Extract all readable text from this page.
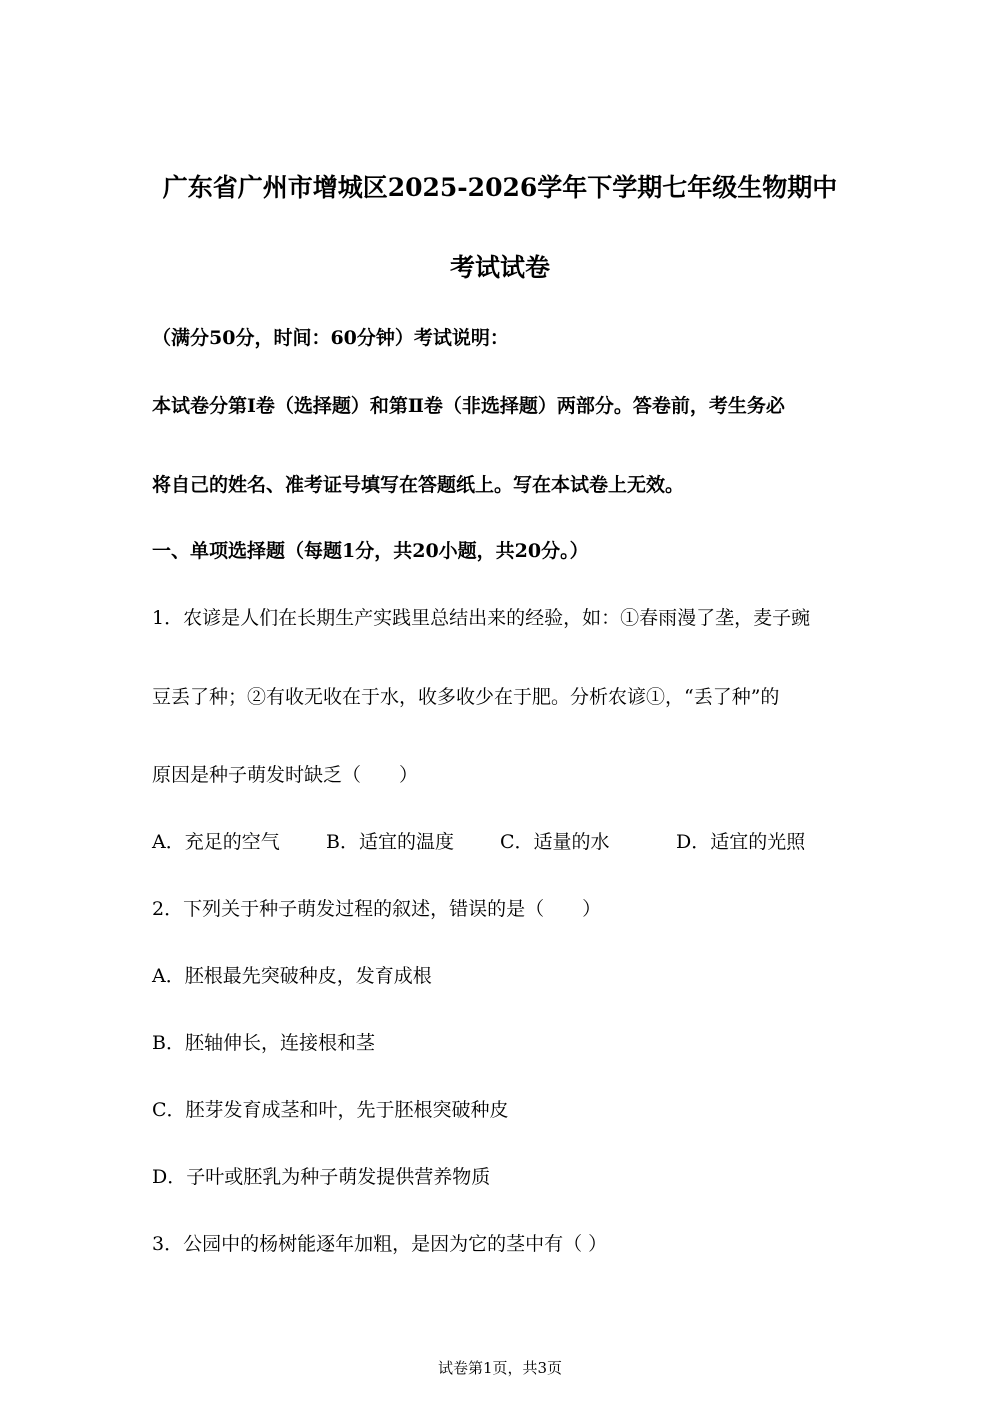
广东省广州市增城区2025-2026学年下学期七年级生物期中
考试试卷
（满分50分，时间：60分钟）考试说明：
本试卷分第Ⅰ卷（选择题）和第Ⅱ卷（非选择题）两部分。答卷前，考生务必
将自己的姓名、准考证号填写在答题纸上。写在本试卷上无效。
一、单项选择题（每题1分，共20小题，共20分。）
1．农谚是人们在长期生产实践里总结出来的经验，如：①春雨漫了垄，麦子豌
豆丢了种；②有收无收在于水，收多收少在于肥。分析农谚①，“丢了种”的
原因是种子萌发时缺乏（　　）
A．充足的空气 B．适宜的温度 C．适量的水	D．适宜的光照
2．下列关于种子萌发过程的叙述，错误的是（　　）
A．胚根最先突破种皮，发育成根
B．胚轴伸长，连接根和茎
C．胚芽发育成茎和叶，先于胚根突破种皮
D．子叶或胚乳为种子萌发提供营养物质
3．公园中的杨树能逐年加粗，是因为它的茎中有（ ）
试卷第1页，共3页
